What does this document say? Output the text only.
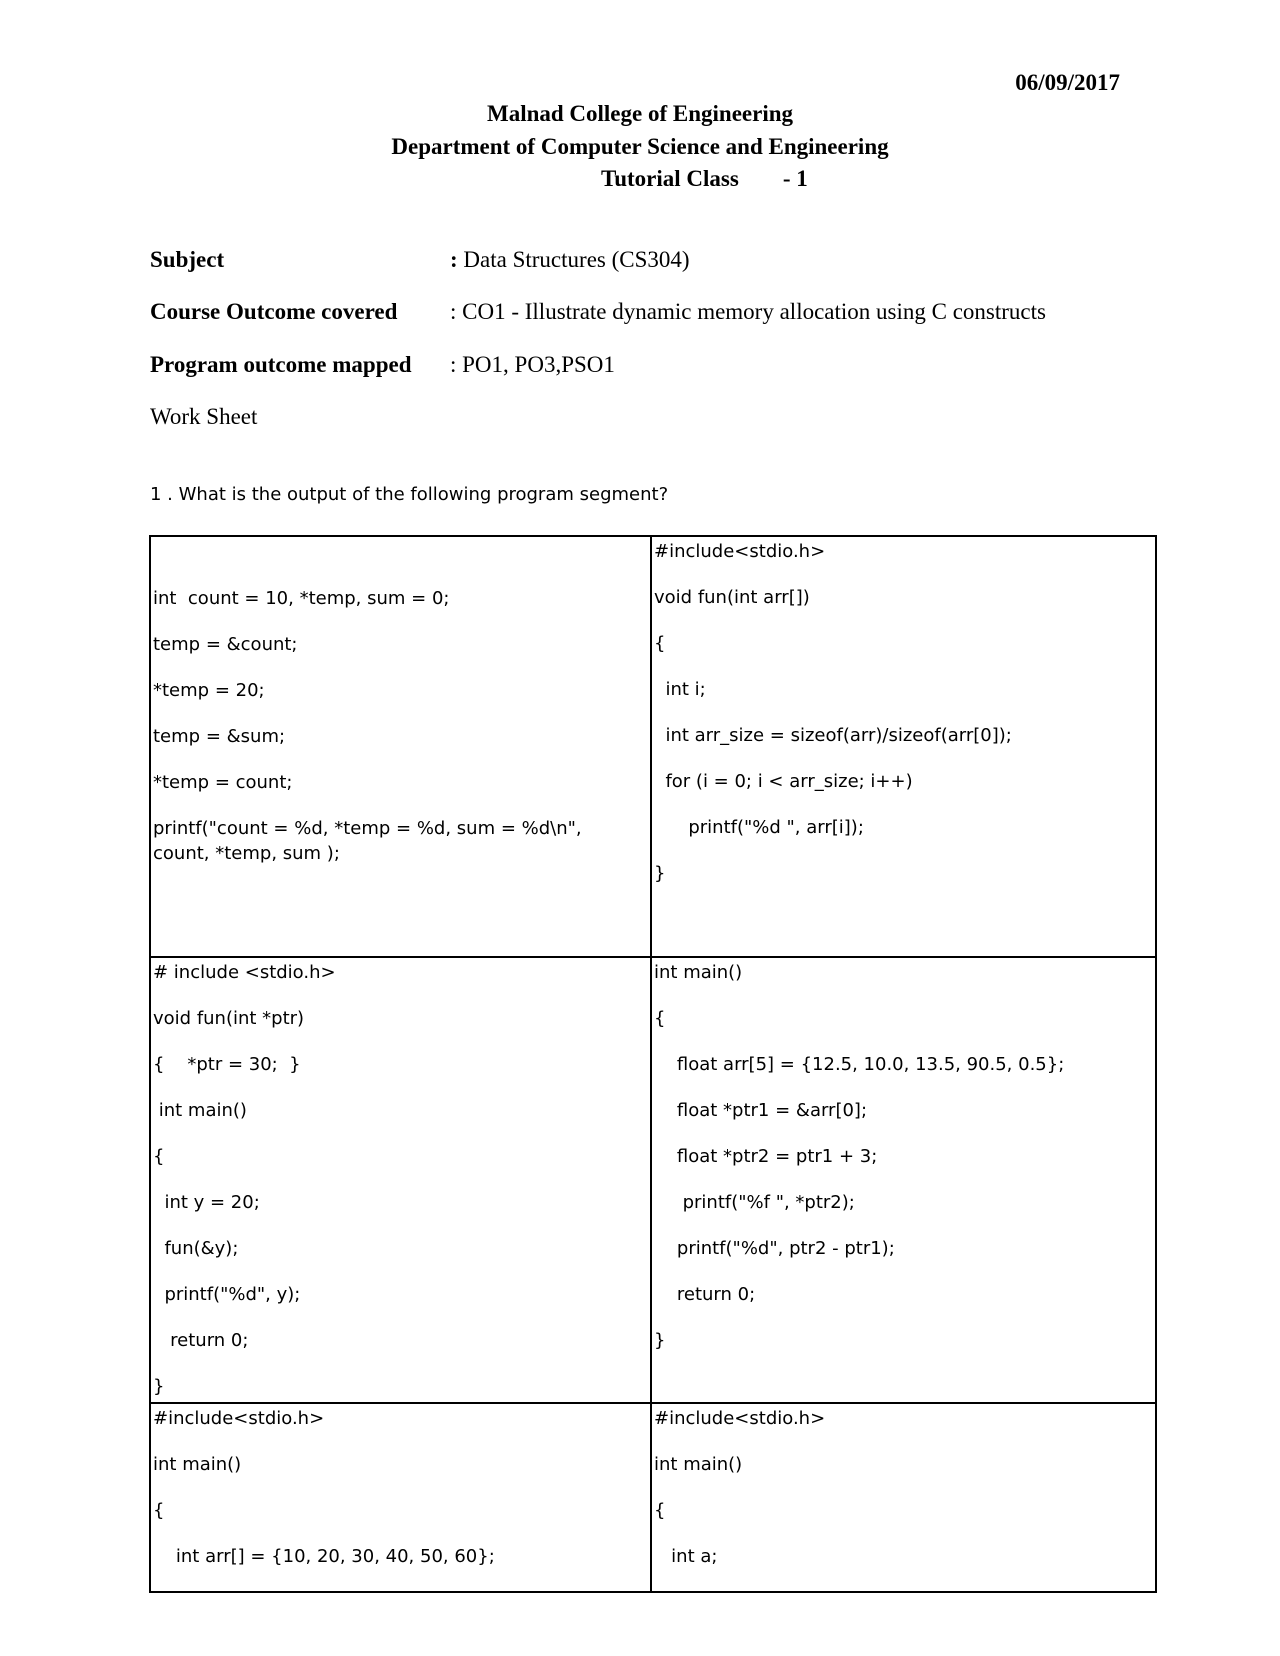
06/09/2017
Malnad College of Engineering
Department of Computer Science and Engineering
Tutorial Class - 1
Subject	: Data Structures (CS304)
Course Outcome covered : CO1 - Illustrate dynamic memory allocation using C constructs
Program outcome mapped : PO1, PO3,PSO1
Work Sheet
1 . What is the output of the following program segment?
int  count = 10, *temp, sum = 0;
temp = &count;
*temp = 20;
temp = &sum;
*temp = count;
printf("count = %d, *temp = %d, sum = %d\n",
count, *temp, sum );
#include<stdio.h>
void fun(int arr[])
{
int i;
int arr_size = sizeof(arr)/sizeof(arr[0]);
for (i = 0; i < arr_size; i++)
printf("%d ", arr[i]);
}
# include <stdio.h>
void fun(int *ptr)
{    *ptr = 30;  }
int main()
{
int y = 20;
fun(&y);
printf("%d", y);
return 0;
}
int main()
{
float arr[5] = {12.5, 10.0, 13.5, 90.5, 0.5};
float *ptr1 = &arr[0];
float *ptr2 = ptr1 + 3;
printf("%f ", *ptr2);
printf("%d", ptr2 - ptr1);
return 0;
}
#include<stdio.h>
int main()
{
int arr[] = {10, 20, 30, 40, 50, 60};
#include<stdio.h>
int main()
{
int a;
